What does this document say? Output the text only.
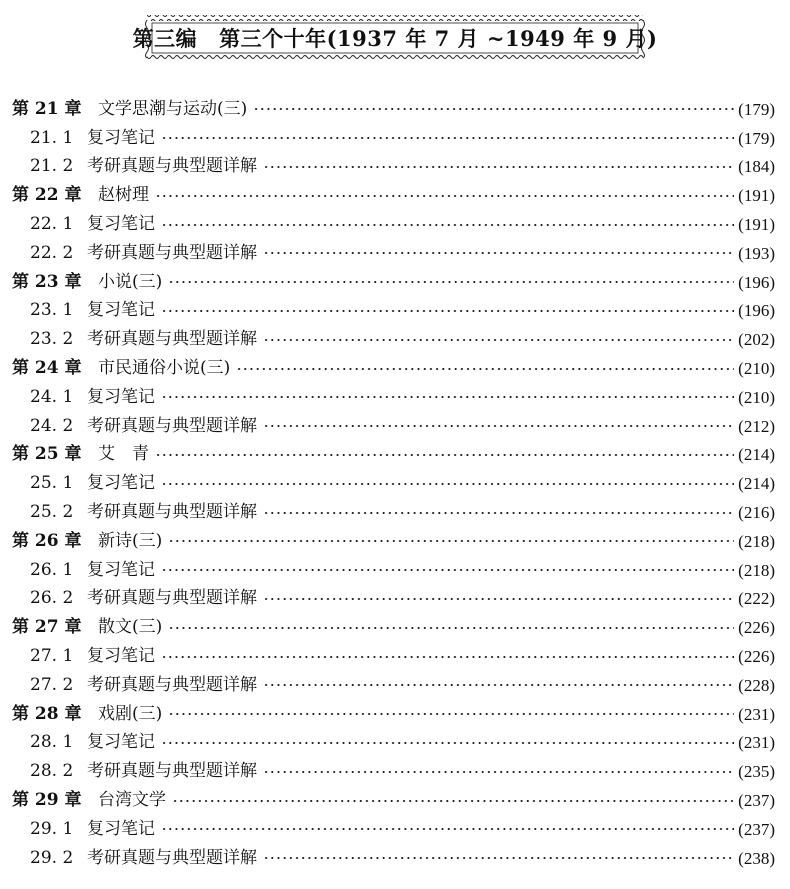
第三编 第三个十年(1937 年 7 月 ~1949 年 9 月)
第 21 章 文学思潮与运动(三)	(179)
21. 1 复习笔记	(179)
21. 2 考研真题与典型题详解	(184)
第 22 章 赵树理	(191)
22. 1 复习笔记	(191)
22. 2 考研真题与典型题详解	(193)
第 23 章 小说(三)	(196)
23. 1 复习笔记	(196)
23. 2 考研真题与典型题详解	(202)
第 24 章 市民通俗小说(三)	(210)
24. 1 复习笔记	(210)
24. 2 考研真题与典型题详解	(212)
第 25 章 艾　青	(214)
25. 1 复习笔记	(214)
25. 2 考研真题与典型题详解	(216)
第 26 章 新诗(三)	(218)
26. 1 复习笔记	(218)
26. 2 考研真题与典型题详解	(222)
第 27 章 散文(三)	(226)
27. 1 复习笔记	(226)
27. 2 考研真题与典型题详解	(228)
第 28 章 戏剧(三)	(231)
28. 1 复习笔记	(231)
28. 2 考研真题与典型题详解	(235)
第 29 章 台湾文学	(237)
29. 1 复习笔记	(237)
29. 2 考研真题与典型题详解	(238)
